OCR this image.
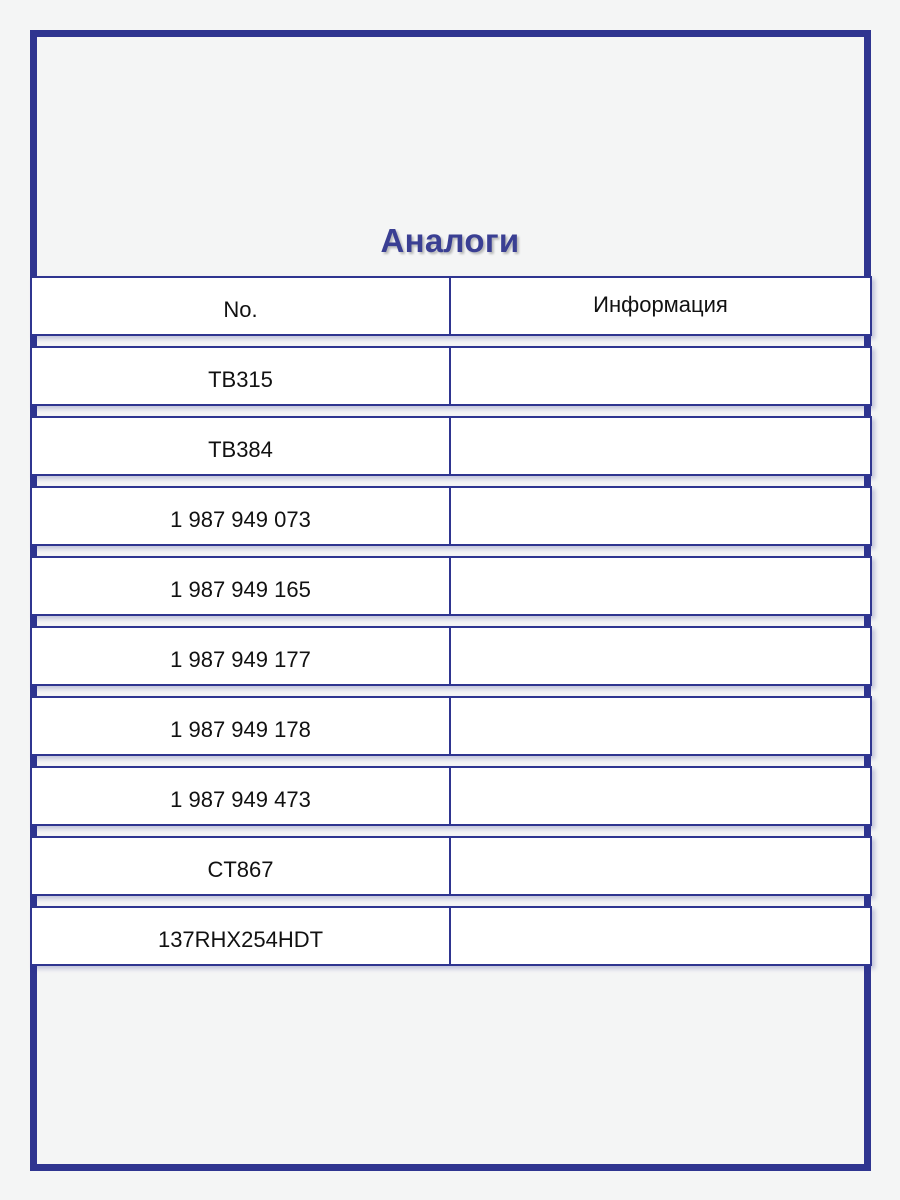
Аналоги
No.	Информация
TB315
TB384
1 987 949 073
1 987 949 165
1 987 949 177
1 987 949 178
1 987 949 473
CT867
137RHX254HDT
